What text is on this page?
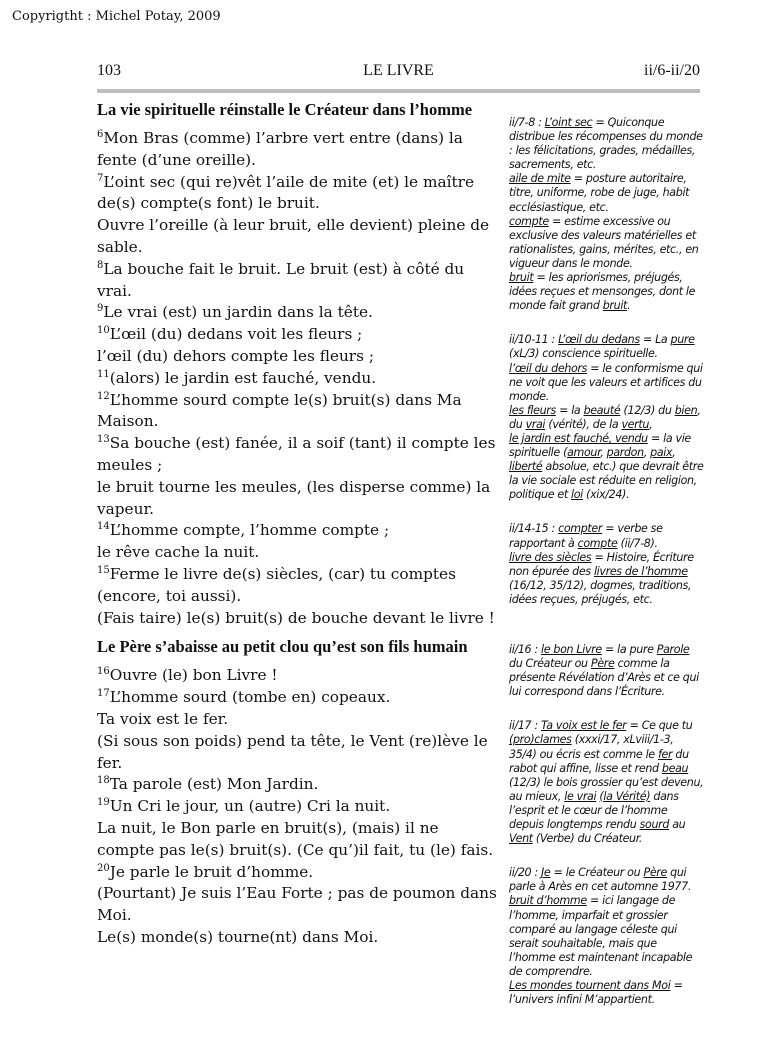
Copyrigtht : Michel Potay, 2009
103	LE LIVRE	ii/6-ii/20
La vie spirituelle réinstalle le Créateur dans l’homme

$^6$Mon Bras (comme) l’arbre vert entre (dans) la fente (d’une oreille).

$^7$L’oint sec (qui re)vêt l’aile de mite (et) le maître de(s) compte(s font) le bruit.

Ouvre l’oreille (à leur bruit, elle devient) pleine de sable.

$^8$La bouche fait le bruit. Le bruit (est) à côté du vrai.

$^9$Le vrai (est) un jardin dans la tête.

$^{10}$L’œil (du) dedans voit les fleurs ;

l’œil (du) dehors compte les fleurs ;

$^{11}$(alors) le jardin est fauché, vendu.

$^{12}$L’homme sourd compte le(s) bruit(s) dans Ma Maison.

$^{13}$Sa bouche (est) fanée, il a soif (tant) il compte les meules ;

le bruit tourne les meules, (les disperse comme) la vapeur.

$^{14}$L’homme compte, l’homme compte ;

le rêve cache la nuit.

$^{15}$Ferme le livre de(s) siècles, (car) tu comptes (encore, toi aussi).

(Fais taire) le(s) bruit(s) de bouche devant le livre !

Le Père s’abaisse au petit clou qu’est son fils humain

$^{16}$Ouvre (le) bon Livre !

$^{17}$L’homme sourd (tombe en) copeaux.

Ta voix est le fer.

(Si sous son poids) pend ta tête, le Vent (re)lève le fer.

$^{18}$Ta parole (est) Mon Jardin.

$^{19}$Un Cri le jour, un (autre) Cri la nuit.

La nuit, le Bon parle en bruit(s), (mais) il ne compte pas le(s) bruit(s). (Ce qu’)il fait, tu (le) fais.

$^{20}$Je parle le bruit d’homme.

(Pourtant) Je suis l’Eau Forte ; pas de poumon dans Moi.

Le(s) monde(s) tourne(nt) dans Moi.

ii/7-8 : L’oint sec = Quiconque distribue les récompenses du monde : les félicitations, grades, médailles, sacrements, etc.
aile de mite = posture autoritaire, titre, uniforme, robe de juge, habit ecclésiastique, etc.
compte = estime excessive ou exclusive des valeurs matérielles et rationalistes, gains, mérites, etc., en vigueur dans le monde.
bruit = les apriorismes, préjugés, idées reçues et mensonges, dont le monde fait grand bruit.

ii/10-11 : L’œil du dedans = La pure (xL/3) conscience spirituelle.
l’œil du dehors = le conformisme qui ne voit que les valeurs et artifices du monde.
les fleurs = la beauté (12/3) du bien, du vrai (vérité), de la vertu,
le jardin est fauché, vendu = la vie spirituelle (amour, pardon, paix, liberté absolue, etc.) que devrait être la vie sociale est réduite en religion, politique et loi (xix/24).

ii/14-15 : compter = verbe se rapportant à compte (ii/7-8).
livre des siècles = Histoire, Écriture non épurée des livres de l’homme (16/12, 35/12), dogmes, traditions, idées reçues, préjugés, etc.

ii/16 : le bon Livre = la pure Parole du Créateur ou Père comme la présente Révélation d’Arès et ce qui lui correspond dans l’Écriture.

ii/17 : Ta voix est le fer = Ce que tu (pro)clames (xxxi/17, xLviii/1-3, 35/4) ou écris est comme le fer du rabot qui affine, lisse et rend beau (12/3) le bois grossier qu’est devenu, au mieux, le vrai (la Vérité) dans l’esprit et le cœur de l’homme depuis longtemps rendu sourd au Vent (Verbe) du Créateur.

ii/20 : Je = le Créateur ou Père qui parle à Arès en cet automne 1977.
bruit d’homme = ici langage de l’homme, imparfait et grossier comparé au langage céleste qui serait souhaitable, mais que l’homme est maintenant incapable de comprendre.
Les mondes tournent dans Moi = l’univers infini M’appartient.
